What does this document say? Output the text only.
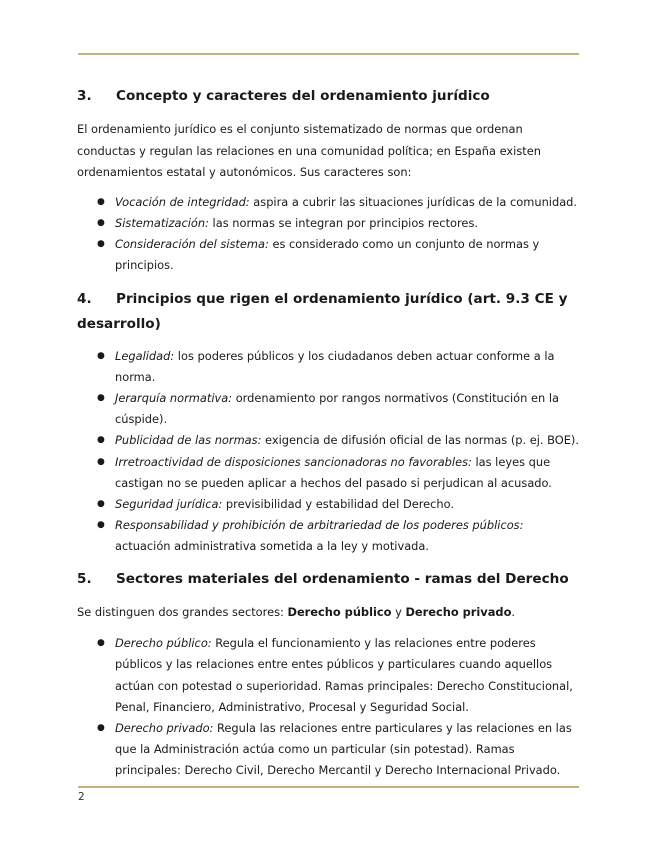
3. Concepto y caracteres del ordenamiento jurídico

El ordenamiento jurídico es el conjunto sistematizado de normas que ordenan conductas y regulan las relaciones en una comunidad política; en España existen ordenamientos estatal y autonómicos. Sus caracteres son:

● Vocación de integridad: aspira a cubrir las situaciones jurídicas de la comunidad.
● Sistematización: las normas se integran por principios rectores.
● Consideración del sistema: es considerado como un conjunto de normas y principios.
4. Principios que rigen el ordenamiento jurídico (art. 9.3 CE y desarrollo)
● Legalidad: los poderes públicos y los ciudadanos deben actuar conforme a la norma.
● Jerarquía normativa: ordenamiento por rangos normativos (Constitución en la cúspide).
● Publicidad de las normas: exigencia de difusión oficial de las normas (p. ej. BOE).
● Irretroactividad de disposiciones sancionadoras no favorables: las leyes que castigan no se pueden aplicar a hechos del pasado si perjudican al acusado.
● Seguridad jurídica: previsibilidad y estabilidad del Derecho.
● Responsabilidad y prohibición de arbitrariedad de los poderes públicos: actuación administrativa sometida a la ley y motivada.
5. Sectores materiales del ordenamiento - ramas del Derecho

Se distinguen dos grandes sectores: Derecho público y Derecho privado.

● Derecho público: Regula el funcionamiento y las relaciones entre poderes públicos y las relaciones entre entes públicos y particulares cuando aquellos actúan con potestad o superioridad. Ramas principales: Derecho Constitucional, Penal, Financiero, Administrativo, Procesal y Seguridad Social.
● Derecho privado: Regula las relaciones entre particulares y las relaciones en las que la Administración actúa como un particular (sin potestad). Ramas principales: Derecho Civil, Derecho Mercantil y Derecho Internacional Privado.
2
